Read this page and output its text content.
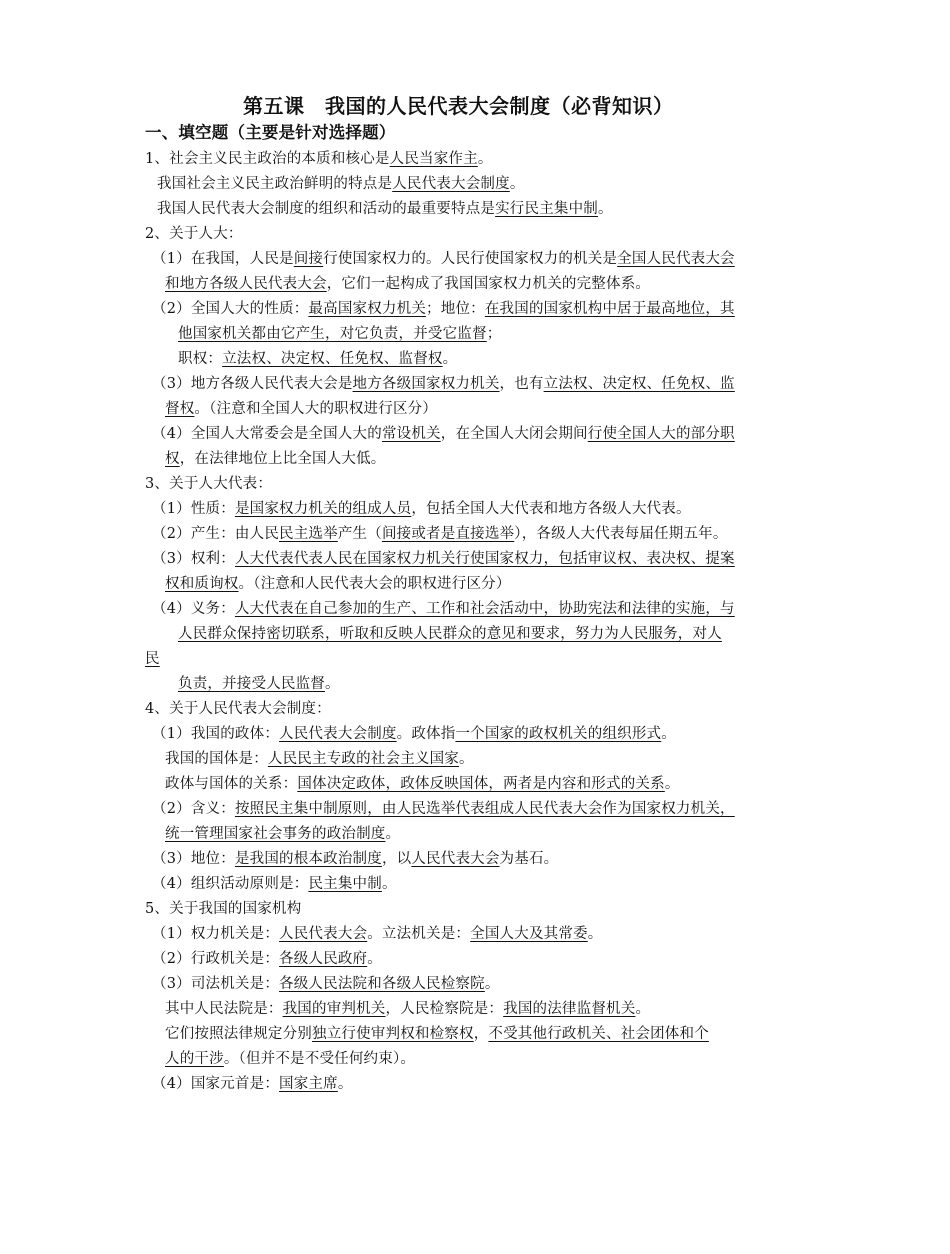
第五课　我国的人民代表大会制度（必背知识）
一、填空题（主要是针对选择题）
1、社会主义民主政治的本质和核心是人民当家作主。
我国社会主义民主政治鲜明的特点是人民代表大会制度。
我国人民代表大会制度的组织和活动的最重要特点是实行民主集中制。
2、关于人大：
（1）在我国，人民是间接行使国家权力的。人民行使国家权力的机关是全国人民代表大会
和地方各级人民代表大会，它们一起构成了我国国家权力机关的完整体系。
（2）全国人大的性质：最高国家权力机关；地位：在我国的国家机构中居于最高地位，其
他国家机关都由它产生，对它负责，并受它监督；
职权：立法权、决定权、任免权、监督权。
（3）地方各级人民代表大会是地方各级国家权力机关，也有立法权、决定权、任免权、监
督权。（注意和全国人大的职权进行区分）
（4）全国人大常委会是全国人大的常设机关，在全国人大闭会期间行使全国人大的部分职
权，在法律地位上比全国人大低。
3、关于人大代表：
（1）性质：是国家权力机关的组成人员，包括全国人大代表和地方各级人大代表。
（2）产生：由人民民主选举产生（间接或者是直接选举），各级人大代表每届任期五年。
（3）权利：人大代表代表人民在国家权力机关行使国家权力，包括审议权、表决权、提案
权和质询权。（注意和人民代表大会的职权进行区分）
（4）义务：人大代表在自己参加的生产、工作和社会活动中，协助宪法和法律的实施，与
人民群众保持密切联系，听取和反映人民群众的意见和要求，努力为人民服务，对人
民
负责，并接受人民监督。
4、关于人民代表大会制度：
（1）我国的政体：人民代表大会制度。政体指一个国家的政权机关的组织形式。
我国的国体是：人民民主专政的社会主义国家。
政体与国体的关系：国体决定政体，政体反映国体，两者是内容和形式的关系。
（2）含义：按照民主集中制原则，由人民选举代表组成人民代表大会作为国家权力机关，
统一管理国家社会事务的政治制度。
（3）地位：是我国的根本政治制度，以人民代表大会为基石。
（4）组织活动原则是：民主集中制。
5、关于我国的国家机构
（1）权力机关是：人民代表大会。立法机关是：全国人大及其常委。
（2）行政机关是：各级人民政府。
（3）司法机关是：各级人民法院和各级人民检察院。
其中人民法院是：我国的审判机关，人民检察院是：我国的法律监督机关。
它们按照法律规定分别独立行使审判权和检察权，不受其他行政机关、社会团体和个
人的干涉。（但并不是不受任何约束）。
（4）国家元首是：国家主席。
